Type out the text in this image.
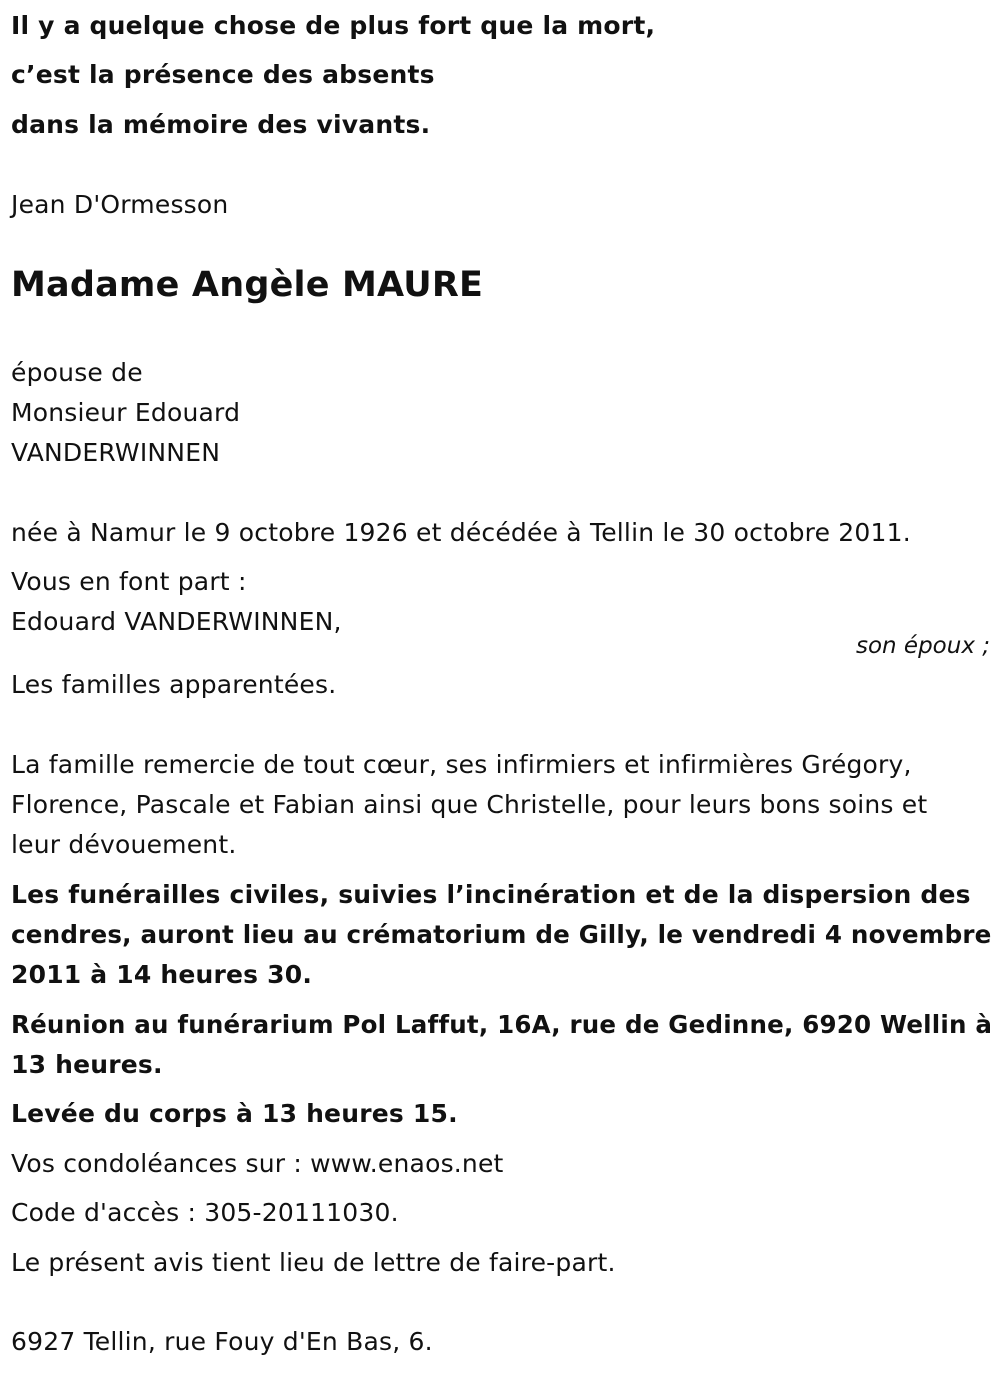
Il y a quelque chose de plus fort que la mort,
c’est la présence des absents
dans la mémoire des vivants.
Jean D'Ormesson
Madame Angèle MAURE
épouse de
Monsieur Edouard
VANDERWINNEN
née à Namur le 9 octobre 1926 et décédée à Tellin le 30 octobre 2011.
Vous en font part :
Edouard VANDERWINNEN,
son époux ;
Les familles apparentées.
La famille remercie de tout cœur, ses infirmiers et infirmières Grégory,
Florence, Pascale et Fabian ainsi que Christelle, pour leurs bons soins et
leur dévouement.
Les funérailles civiles, suivies l’incinération et de la dispersion des
cendres, auront lieu au crématorium de Gilly, le vendredi 4 novembre
2011 à 14 heures 30.
Réunion au funérarium Pol Laffut, 16A, rue de Gedinne, 6920 Wellin à
13 heures.
Levée du corps à 13 heures 15.
Vos condoléances sur : www.enaos.net
Code d'accès : 305-20111030.
Le présent avis tient lieu de lettre de faire-part.
6927 Tellin, rue Fouy d'En Bas, 6.
